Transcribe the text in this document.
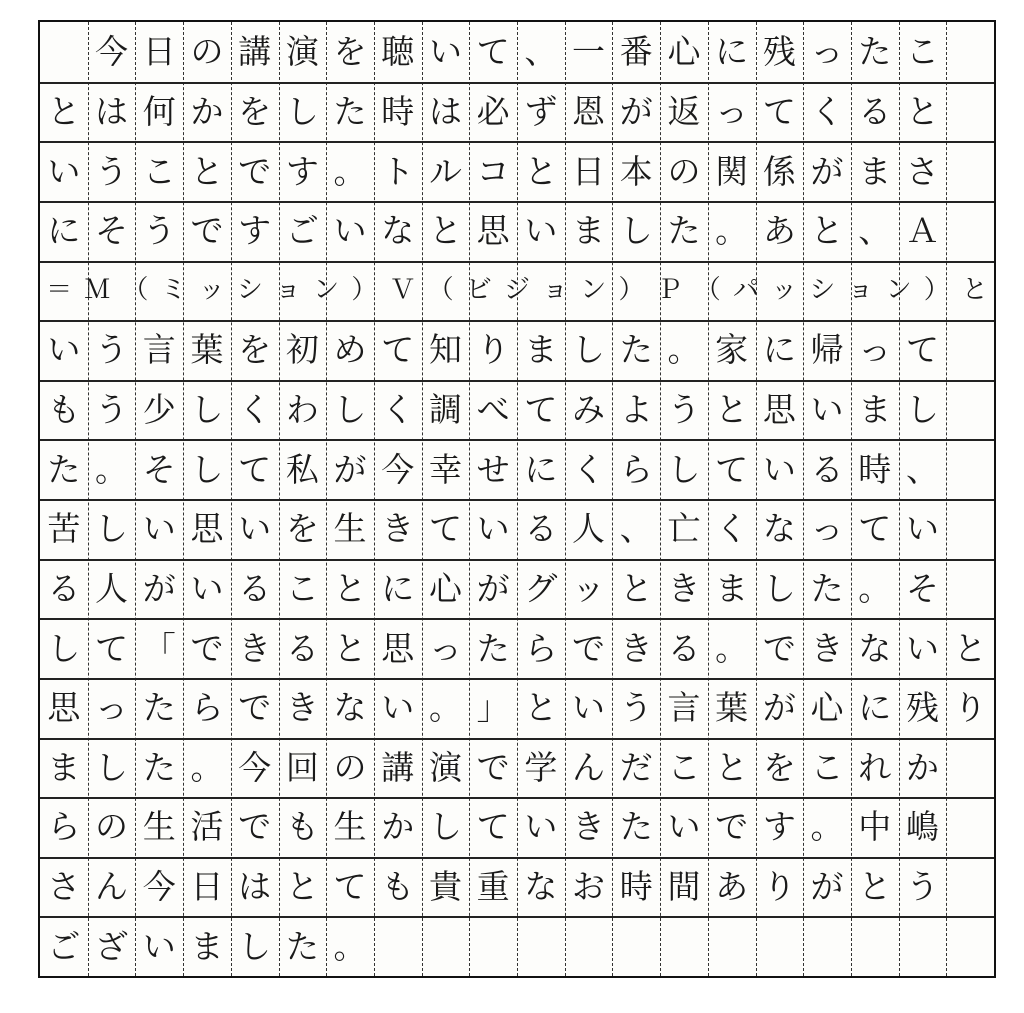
今 日 の 講 演 を 聴 い て 、 一 番 心 に 残 っ た こ
と は 何 か を し た 時 は 必 ず 恩 が 返 っ て く る と
い う こ と で す 。 ト ル コ と 日 本 の 関 係 が ま さ
に そ う で す ご い な と 思 い ま し た 。 あ と 、 Ａ
＝ Ｍ （ ミ ッ シ ョ ン ） Ｖ （ ビ ジ ョ ン ） Ｐ （ パ ッ シ ョ ン ） と
い う 言 葉 を 初 め て 知 り ま し た 。 家 に 帰 っ て
も う 少 し く わ し く 調 べ て み よ う と 思 い ま し
た 。 そ し て 私 が 今 幸 せ に く ら し て い る 時 、
苦 し い 思 い を 生 き て い る 人 、 亡 く な っ て い
る 人 が い る こ と に 心 が グ ッ と き ま し た 。 そ
し て 「 で き る と 思 っ た ら で き る 。 で き な い と
思 っ た ら で き な い 。 」 と い う 言 葉 が 心 に 残 り
ま し た 。 今 回 の 講 演 で 学 ん だ こ と を こ れ か
ら の 生 活 で も 生 か し て い き た い で す 。 中 嶋
さ ん 今 日 は と て も 貴 重 な お 時 間 あ り が と う
ご ざ い ま し た 。
